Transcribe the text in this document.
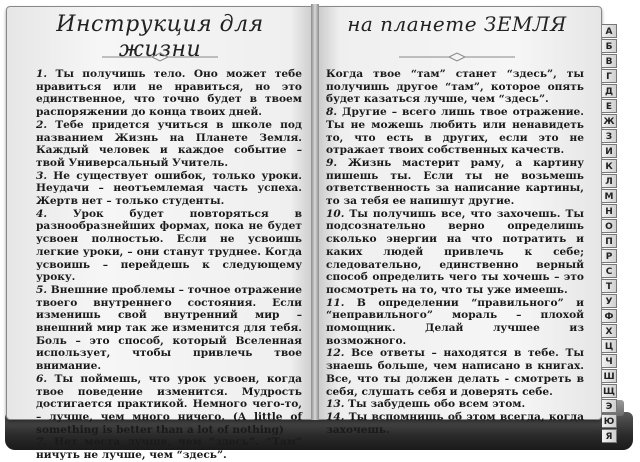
Инструкция для жизни
на планете ЗЕМЛЯ

1. Ты получишь тело. Оно может тебе нравиться или не нравиться, но это единственное, что точно будет в твоем распоряжении до конца твоих дней.

2. Тебе придется учиться в школе под названием Жизнь на Планете Земля. Каждый человек и каждое событие – твой Универсальный Учитель.

3. Не существует ошибок, только уроки. Неудачи – неотъемлемая часть успеха. Жертв нет – только студенты.

4. Урок будет повторяться в разнообразнейших формах, пока не будет усвоен полностью. Если не усвоишь легкие уроки, – они станут труднее. Когда усвоишь – перейдешь к следующему уроку.

5. Внешние проблемы – точное отражение твоего внутреннего состояния. Если изменишь свой внутренний мир – внешний мир так же изменится для тебя. Боль – это способ, который Вселенная использует, чтобы привлечь твое внимание.

6. Ты поймешь, что урок усвоен, когда твое поведение изменится. Мудрость достигается практикой. Немного чего-то, – лучше, чем много ничего. (A little of something is better than a lot of nothing)

7. Нет места лучше, чем “здесь”. “Там” ничуть не лучше, чем “здесь”.

Когда твое “там” станет “здесь”, ты получишь другое “там”, которое опять будет казаться лучше, чем “здесь”.

8. Другие – всего лишь твое отражение. Ты не можешь любить или ненавидеть то, что есть в других, если это не отражает твоих собственных качеств.

9. Жизнь мастерит раму, а картину пишешь ты. Если ты не возьмешь ответственность за написание картины, то за тебя ее напишут другие.

10. Ты получишь все, что захочешь. Ты подсознательно верно определишь сколько энергии на что потратить и каких людей привлечь к себе; следовательно, единственно верный способ определить чего ты хочешь – это посмотреть на то, что ты уже имеешь.

11. В определении “правильного” и “неправильного” мораль – плохой помощник. Делай лучшее из возможного.

12. Все ответы – находятся в тебе. Ты знаешь больше, чем написано в книгах. Все, что ты должен делать - смотреть в себя, слушать себя и доверять себе.

13. Ты забудешь обо всем этом.

14. Ты вспомнишь об этом всегда, когда захочешь.

А
Б
В
Г
Д
Е
Ж
З
И
К
Л
М
Н
О
П
Р
С
Т
У
Ф
Х
Ц
Ч
Ш
Щ
Э
Ю
Я
